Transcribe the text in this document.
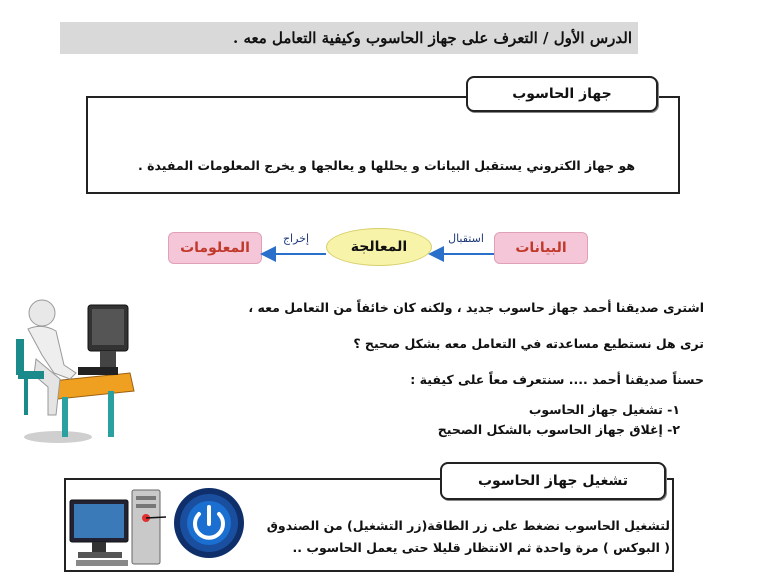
الدرس الأول / التعرف على جهاز الحاسوب وكيفية التعامل معه .
جهاز الحاسوب
هو جهاز الكتروني يستقبل البيانات و يحللها و يعالجها و يخرج المعلومات المفيدة .
البيانات
استقبال
المعالجة
إخراج
المعلومات
اشترى صديقنا أحمد جهاز حاسوب جديد ، ولكنه كان خائفاً من التعامل معه ،
ترى هل نستطيع مساعدته في التعامل معه بشكل صحيح ؟
حسناً صديقنا أحمد .... سنتعرف معاً على كيفية :
١- تشغيل جهاز الحاسوب
٢- إغلاق جهاز الحاسوب بالشكل الصحيح
تشغيل جهاز الحاسوب
لتشغيل الحاسوب نضغط على زر الطاقة(زر التشغيل) من الصندوق
( البوكس ) مرة واحدة ثم الانتظار قليلا حتى يعمل الحاسوب ..
